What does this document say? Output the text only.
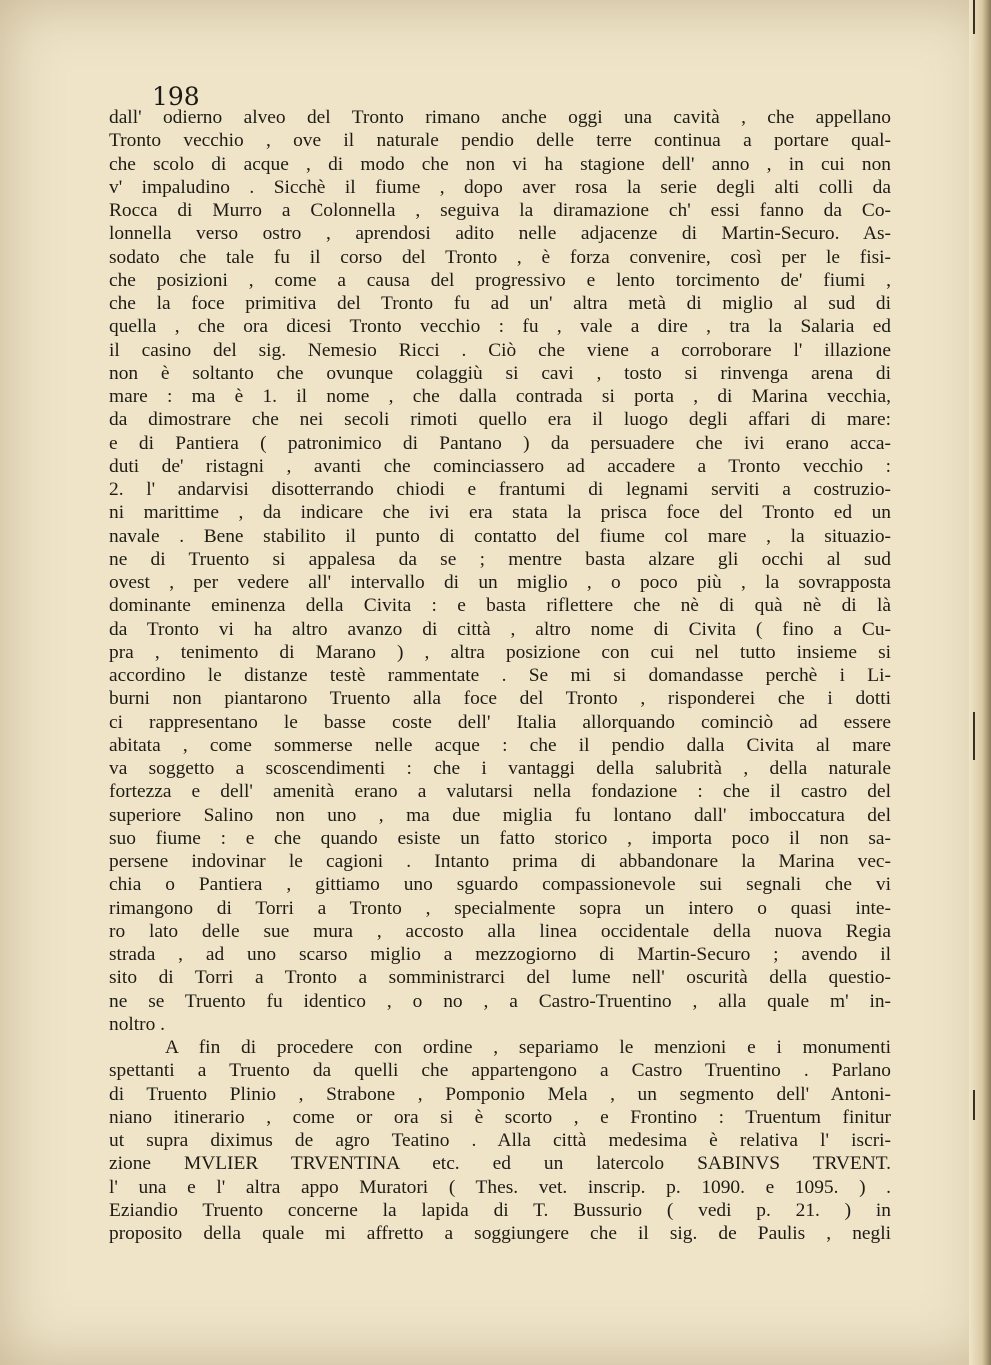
198
dall' odierno alveo del Tronto rimano anche oggi una cavità , che appellano
Tronto vecchio , ove il naturale pendio delle terre continua a portare qual-
che scolo di acque , di modo che non vi ha stagione dell' anno , in cui non
v' impaludino . Sicchè il fiume , dopo aver rosa la serie degli alti colli da
Rocca di Murro a Colonnella , seguiva la diramazione ch' essi fanno da Co-
lonnella verso ostro , aprendosi adito nelle adjacenze di Martin-Securo. As-
sodato che tale fu il corso del Tronto , è forza convenire, così per le fisi-
che posizioni , come a causa del progressivo e lento torcimento de' fiumi ,
che la foce primitiva del Tronto fu ad un' altra metà di miglio al sud di
quella , che ora dicesi Tronto vecchio : fu , vale a dire , tra la Salaria ed
il casino del sig. Nemesio Ricci . Ciò che viene a corroborare l' illazione
non è soltanto che ovunque colaggiù si cavi , tosto si rinvenga arena di
mare : ma è 1. il nome , che dalla contrada si porta , di Marina vecchia,
da dimostrare che nei secoli rimoti quello era il luogo degli affari di mare:
e di Pantiera ( patronimico di Pantano ) da persuadere che ivi erano acca-
duti de' ristagni , avanti che cominciassero ad accadere a Tronto vecchio :
2. l' andarvisi disotterrando chiodi e frantumi di legnami serviti a costruzio-
ni marittime , da indicare che ivi era stata la prisca foce del Tronto ed un
navale . Bene stabilito il punto di contatto del fiume col mare , la situazio-
ne di Truento si appalesa da se ; mentre basta alzare gli occhi al sud
ovest , per vedere all' intervallo di un miglio , o poco più , la sovrapposta
dominante eminenza della Civita : e basta riflettere che nè di quà nè di là
da Tronto vi ha altro avanzo di città , altro nome di Civita ( fino a Cu-
pra , tenimento di Marano ) , altra posizione con cui nel tutto insieme si
accordino le distanze testè rammentate . Se mi si domandasse perchè i Li-
burni non piantarono Truento alla foce del Tronto , risponderei che i dotti
ci rappresentano le basse coste dell' Italia allorquando cominciò ad essere
abitata , come sommerse nelle acque : che il pendio dalla Civita al mare
va soggetto a scoscendimenti : che i vantaggi della salubrità , della naturale
fortezza e dell' amenità erano a valutarsi nella fondazione : che il castro del
superiore Salino non uno , ma due miglia fu lontano dall' imboccatura del
suo fiume : e che quando esiste un fatto storico , importa poco il non sa-
persene indovinar le cagioni . Intanto prima di abbandonare la Marina vec-
chia o Pantiera , gittiamo uno sguardo compassionevole sui segnali che vi
rimangono di Torri a Tronto , specialmente sopra un intero o quasi inte-
ro lato delle sue mura , accosto alla linea occidentale della nuova Regia
strada , ad uno scarso miglio a mezzogiorno di Martin-Securo ; avendo il
sito di Torri a Tronto a somministrarci del lume nell' oscurità della questio-
ne se Truento fu identico , o no , a Castro-Truentino , alla quale m' in-
noltro .
A fin di procedere con ordine , separiamo le menzioni e i monumenti
spettanti a Truento da quelli che appartengono a Castro Truentino . Parlano
di Truento Plinio , Strabone , Pomponio Mela , un segmento dell' Antoni-
niano itinerario , come or ora si è scorto , e Frontino : Truentum finitur
ut supra diximus de agro Teatino . Alla città medesima è relativa l' iscri-
zione MVLIER TRVENTINA etc. ed un latercolo SABINVS TRVENT.
l' una e l' altra appo Muratori ( Thes. vet. inscrip. p. 1090. e 1095. ) .
Eziandio Truento concerne la lapida di T. Bussurio ( vedi p. 21. ) in
proposito della quale mi affretto a soggiungere che il sig. de Paulis , negli
